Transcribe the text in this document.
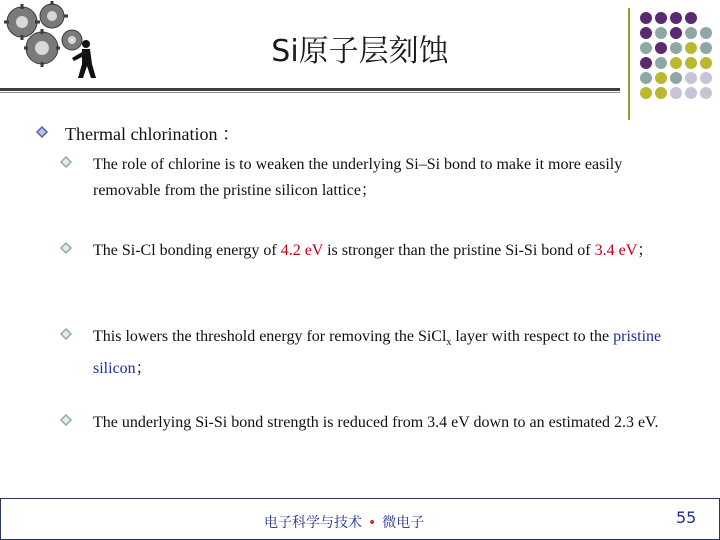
Si原子层刻蚀
Thermal chlorination ：
The role of chlorine is to weaken the underlying Si–Si bond to make it more easily removable from the pristine silicon lattice；
The Si-Cl bonding energy of 4.2 eV is stronger than the pristine Si-Si bond of 3.4 eV；
This lowers the threshold energy for removing the SiCl$_x$ layer with respect to the pristine silicon；
The underlying Si-Si bond strength is reduced from 3.4 eV down to an estimated 2.3 eV.
电子科学与技术 • 微电子	55
